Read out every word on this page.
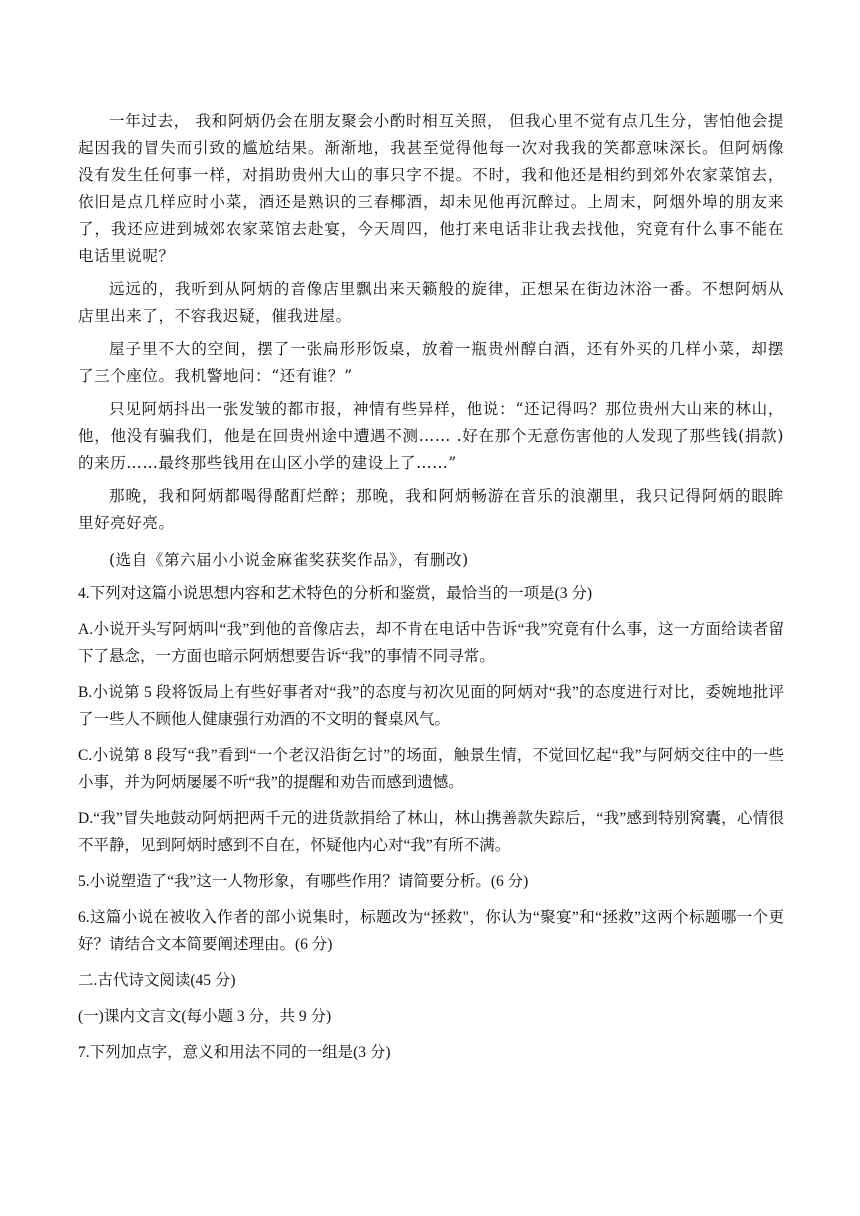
一年过去， 我和阿炳仍会在朋友聚会小酌时相互关照， 但我心里不觉有点几生分，害怕他会提起因我的冒失而引致的尴尬结果。渐渐地，我甚至觉得他每一次对我我的笑都意味深长。但阿炳像没有发生任何事一样，对捐助贵州大山的事只字不提。不时，我和他还是相约到郊外农家菜馆去，依旧是点几样应时小菜，酒还是熟识的三春椰酒，却未见他再沉醉过。上周末，阿烟外埠的朋友来了，我还应进到城郊农家菜馆去赴宴，今天周四，他打来电话非让我去找他，究竟有什么事不能在电话里说呢？

远远的，我听到从阿炳的音像店里飘出来天籁般的旋律，正想呆在街边沐浴一番。不想阿炳从店里出来了，不容我迟疑，催我进屋。

屋子里不大的空间，摆了一张扁形形饭桌，放着一瓶贵州醇白酒，还有外买的几样小菜，却摆了三个座位。我机警地问：“还有谁？”

只见阿炳抖出一张发皱的都市报，神情有些异样，他说：“还记得吗？那位贵州大山来的林山，他，他没有骗我们，他是在回贵州途中遭遇不测…… .好在那个无意伤害他的人发现了那些钱(捐款)的来历……最终那些钱用在山区小学的建设上了……”

那晚，我和阿炳都喝得酩酊烂醉；那晚，我和阿炳畅游在音乐的浪潮里，我只记得阿炳的眼眸里好亮好亮。

(选自《第六届小小说金麻雀奖获奖作品》，有删改)

4.下列对这篇小说思想内容和艺术特色的分析和鉴赏，最恰当的一项是(3 分)

A.小说开头写阿炳叫“我”到他的音像店去，却不肯在电话中告诉“我”究竟有什么事，这一方面给读者留下了悬念，一方面也暗示阿炳想要告诉“我”的事情不同寻常。

B.小说第 5 段将饭局上有些好事者对“我”的态度与初次见面的阿炳对“我”的态度进行对比，委婉地批评了一些人不顾他人健康强行劝酒的不文明的餐桌风气。

C.小说第 8 段写“我”看到“一个老汉沿街乞讨”的场面，触景生情，不觉回忆起“我”与阿炳交往中的一些小事，并为阿炳屡屡不听“我”的提醒和劝告而感到遗憾。

D.“我”冒失地鼓动阿炳把两千元的进货款捐给了林山，林山携善款失踪后，“我”感到特别窝囊，心情很不平静，见到阿炳时感到不自在，怀疑他内心对“我”有所不满。

5.小说塑造了“我”这一人物形象，有哪些作用？请简要分析。(6 分)

6.这篇小说在被收入作者的部小说集时，标题改为“拯救"，你认为“聚宴”和“拯救”这两个标题哪一个更好？请结合文本简要阐述理由。(6 分)

二.古代诗文阅读(45 分)

(一)课内文言文(每小题 3 分，共 9 分)

7.下列加点字，意义和用法不同的一组是(3 分)
